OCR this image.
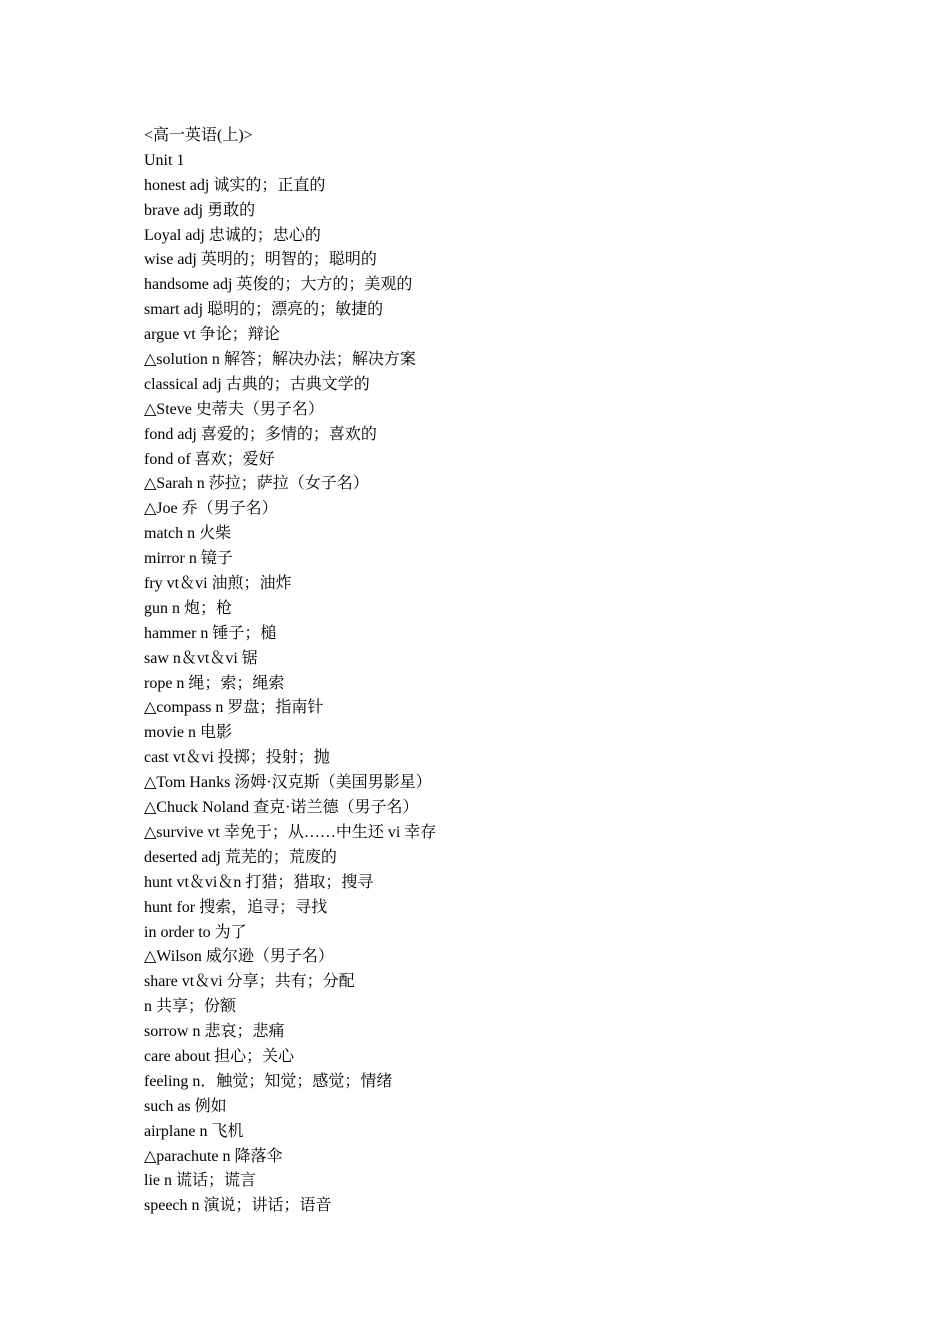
<高一英语(上)>
Unit 1
honest adj 诚实的；正直的
brave adj 勇敢的
Loyal adj 忠诚的；忠心的
wise adj 英明的；明智的；聪明的
handsome adj 英俊的；大方的；美观的
smart adj 聪明的；漂亮的；敏捷的
argue vt 争论；辩论
△solution n 解答；解决办法；解决方案
classical adj 古典的；古典文学的
△Steve 史蒂夫（男子名）
fond adj 喜爱的；多情的；喜欢的
fond of 喜欢；爱好
△Sarah n 莎拉；萨拉（女子名）
△Joe 乔（男子名）
match n 火柴
mirror n 镜子
fry vt＆vi 油煎；油炸
gun n 炮；枪
hammer n 锤子；槌
saw n＆vt＆vi 锯
rope n 绳；索；绳索
△compass n 罗盘；指南针
movie n 电影
cast vt＆vi 投掷；投射；抛
△Tom Hanks 汤姆·汉克斯（美国男影星）
△Chuck Noland 查克·诺兰德（男子名）
△survive vt 幸免于；从……中生还 vi 幸存
deserted adj 荒芜的；荒废的
hunt vt＆vi＆n 打猎；猎取；搜寻
hunt for 搜索，追寻；寻找
in order to 为了
△Wilson 威尔逊（男子名）
share vt＆vi 分享；共有；分配
n 共享；份额
sorrow n 悲哀；悲痛
care about 担心；关心
feeling n．触觉；知觉；感觉；情绪
such as 例如
airplane n 飞机
△parachute n 降落伞
lie n 谎话；谎言
speech n 演说；讲话；语音
